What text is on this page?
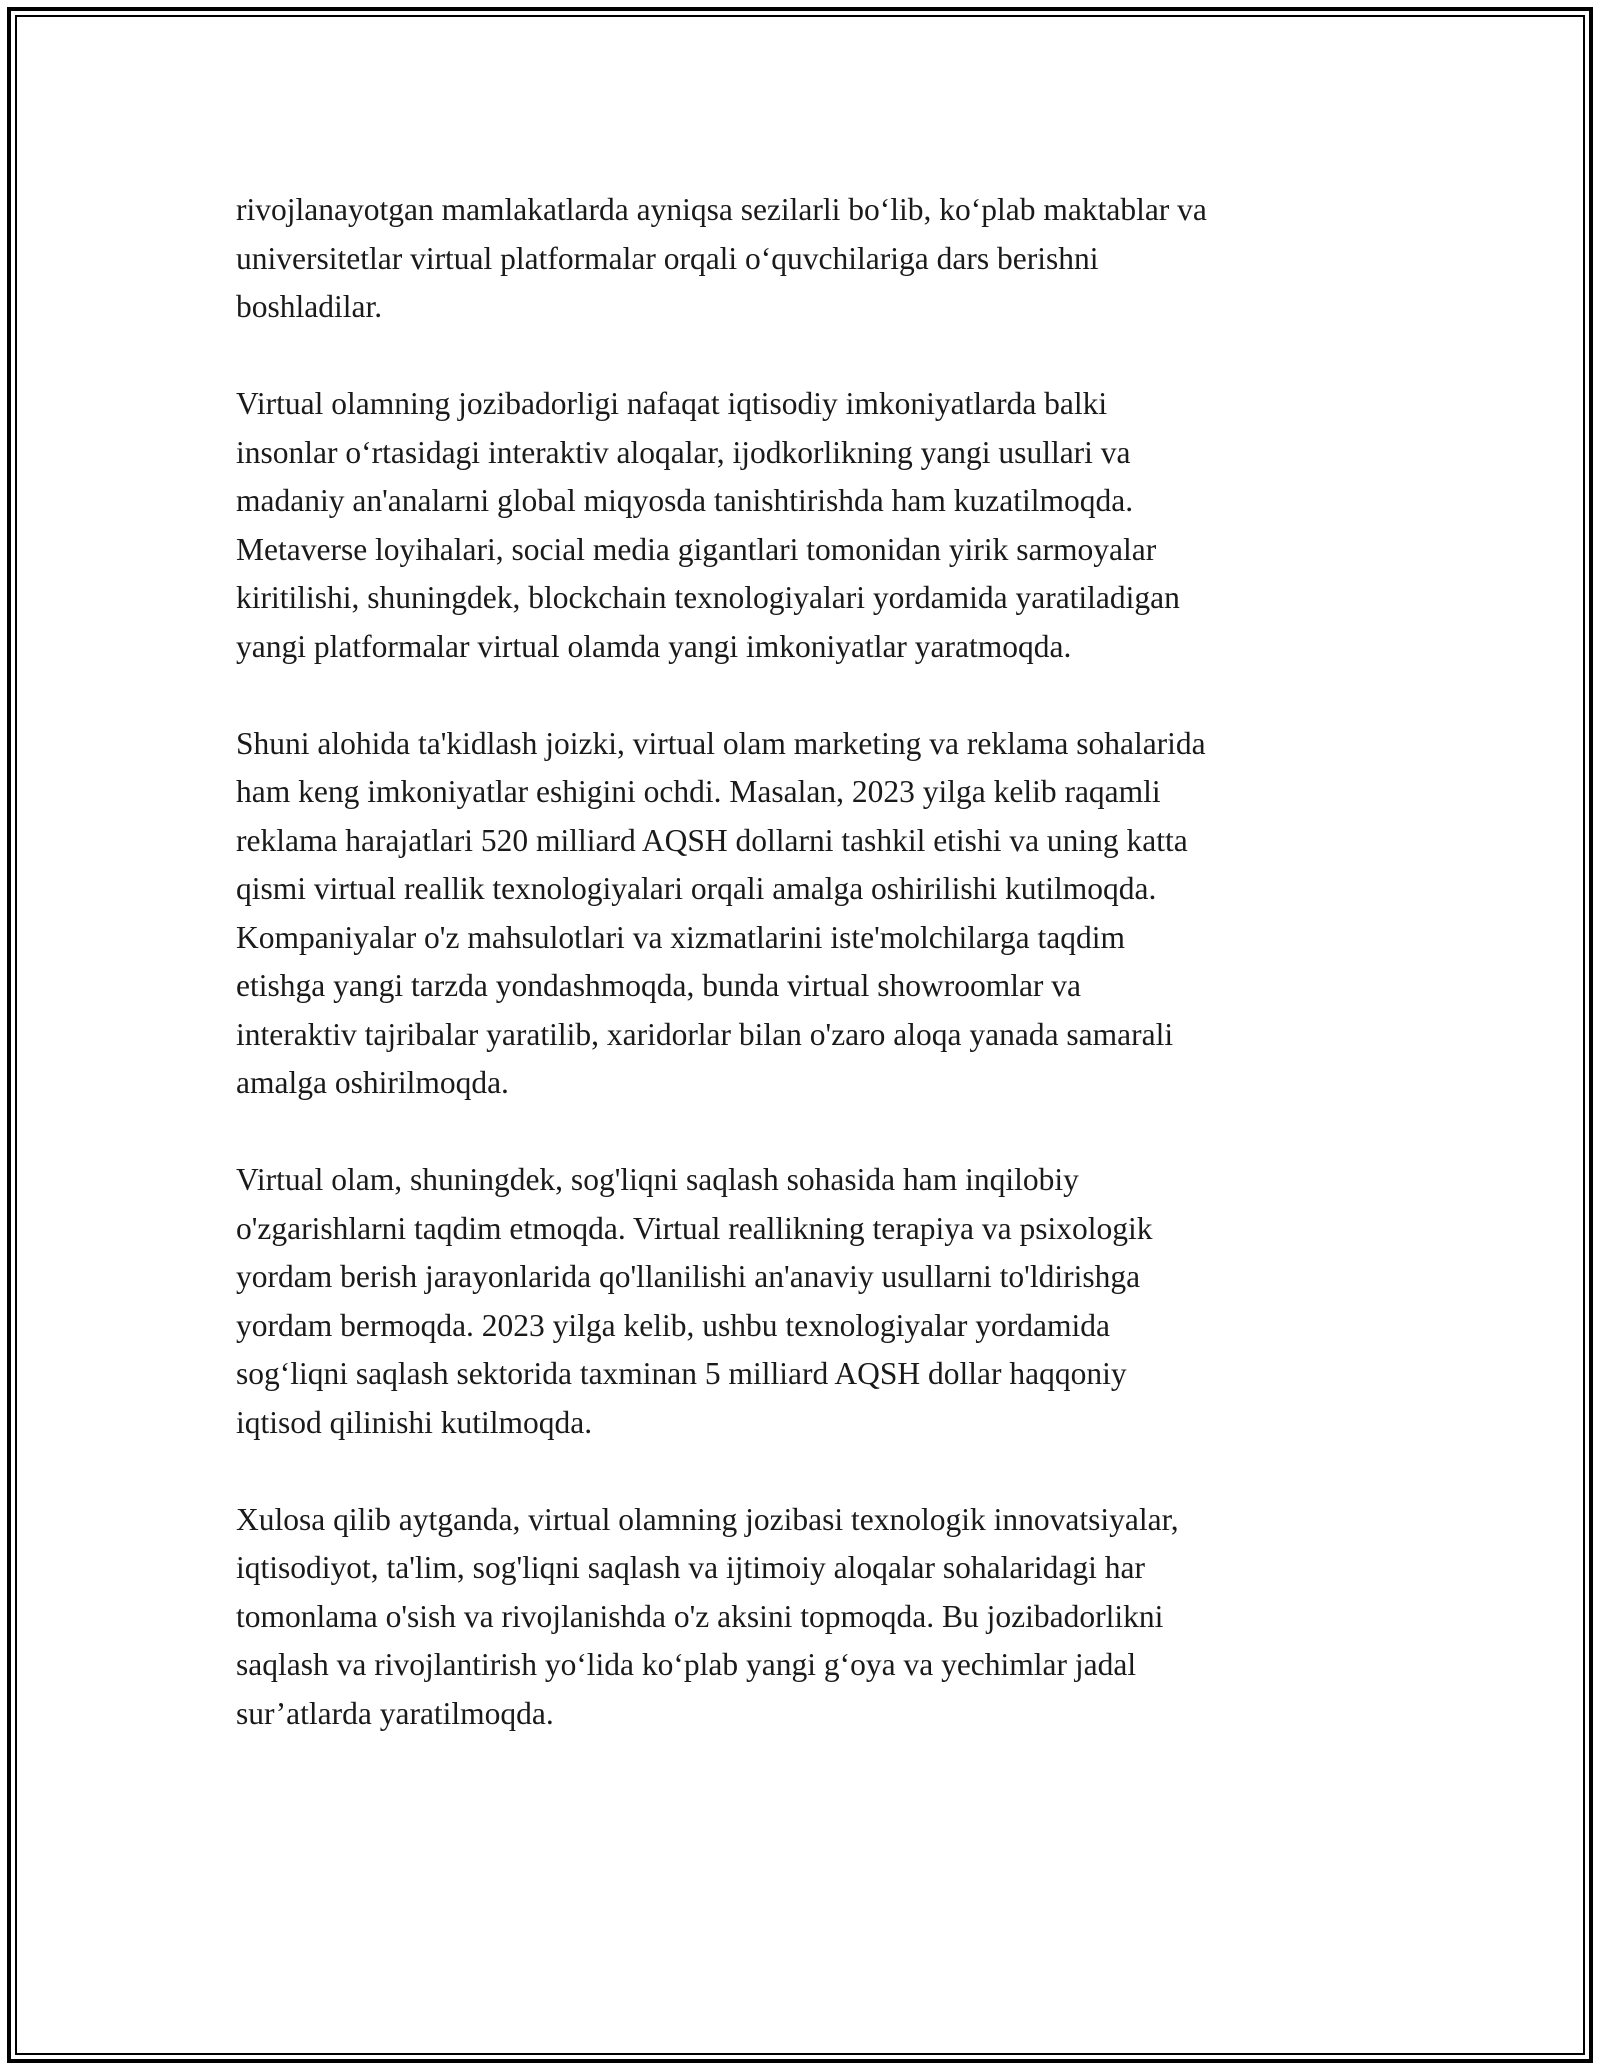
rivojlanayotgan mamlakatlarda ayniqsa sezilarli bo‘lib, ko‘plab maktablar va
universitetlar virtual platformalar orqali o‘quvchilariga dars berishni
boshladilar.

Virtual olamning jozibadorligi nafaqat iqtisodiy imkoniyatlarda balki
insonlar o‘rtasidagi interaktiv aloqalar, ijodkorlikning yangi usullari va
madaniy an'analarni global miqyosda tanishtirishda ham kuzatilmoqda.
Metaverse loyihalari, social media gigantlari tomonidan yirik sarmoyalar
kiritilishi, shuningdek, blockchain texnologiyalari yordamida yaratiladigan
yangi platformalar virtual olamda yangi imkoniyatlar yaratmoqda.

Shuni alohida ta'kidlash joizki, virtual olam marketing va reklama sohalarida
ham keng imkoniyatlar eshigini ochdi. Masalan, 2023 yilga kelib raqamli
reklama harajatlari 520 milliard AQSH dollarni tashkil etishi va uning katta
qismi virtual reallik texnologiyalari orqali amalga oshirilishi kutilmoqda.
Kompaniyalar o'z mahsulotlari va xizmatlarini iste'molchilarga taqdim
etishga yangi tarzda yondashmoqda, bunda virtual showroomlar va
interaktiv tajribalar yaratilib, xaridorlar bilan o'zaro aloqa yanada samarali
amalga oshirilmoqda.

Virtual olam, shuningdek, sog'liqni saqlash sohasida ham inqilobiy
o'zgarishlarni taqdim etmoqda. Virtual reallikning terapiya va psixologik
yordam berish jarayonlarida qo'llanilishi an'anaviy usullarni to'ldirishga
yordam bermoqda. 2023 yilga kelib, ushbu texnologiyalar yordamida
sog‘liqni saqlash sektorida taxminan 5 milliard AQSH dollar haqqoniy
iqtisod qilinishi kutilmoqda.

Xulosa qilib aytganda, virtual olamning jozibasi texnologik innovatsiyalar,
iqtisodiyot, ta'lim, sog'liqni saqlash va ijtimoiy aloqalar sohalaridagi har
tomonlama o'sish va rivojlanishda o'z aksini topmoqda. Bu jozibadorlikni
saqlash va rivojlantirish yo‘lida ko‘plab yangi g‘oya va yechimlar jadal
sur’atlarda yaratilmoqda.
